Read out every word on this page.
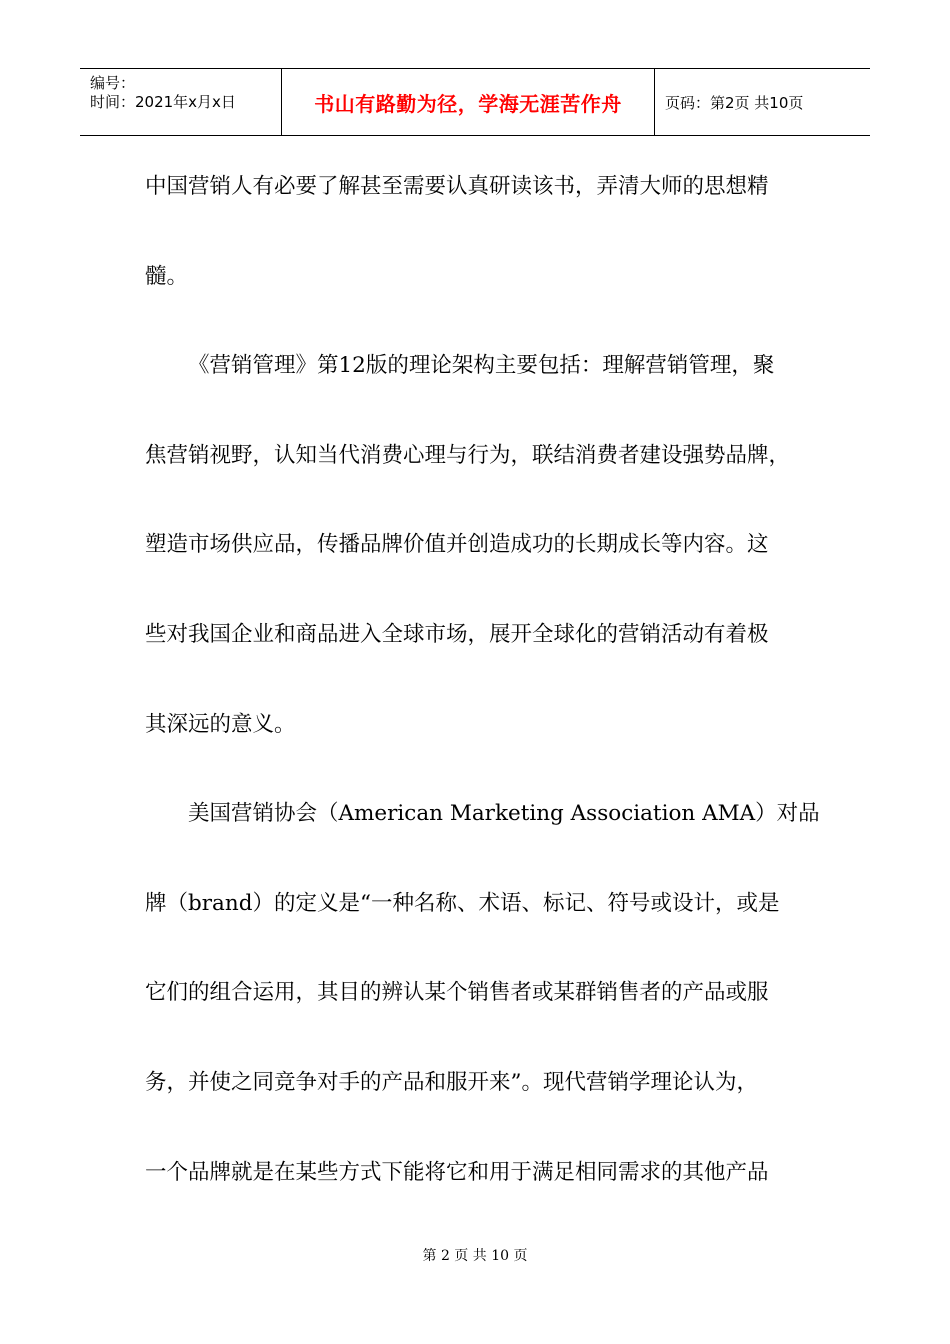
编号：
时间：2021年x月x日	书山有路勤为径，学海无涯苦作舟	页码：第2页 共10页
中国营销人有必要了解甚至需要认真研读该书，弄清大师的思想精
髓。
《营销管理》第12版的理论架构主要包括：理解营销管理，聚
焦营销视野，认知当代消费心理与行为，联结消费者建设强势品牌，
塑造市场供应品，传播品牌价值并创造成功的长期成长等内容。这
些对我国企业和商品进入全球市场，展开全球化的营销活动有着极
其深远的意义。
美国营销协会（American Marketing Association AMA）对品
牌（brand）的定义是“一种名称、术语、标记、符号或设计，或是
它们的组合运用，其目的辨认某个销售者或某群销售者的产品或服
务，并使之同竞争对手的产品和服开来”。现代营销学理论认为，
一个品牌就是在某些方式下能将它和用于满足相同需求的其他产品
第 2 页 共 10 页
